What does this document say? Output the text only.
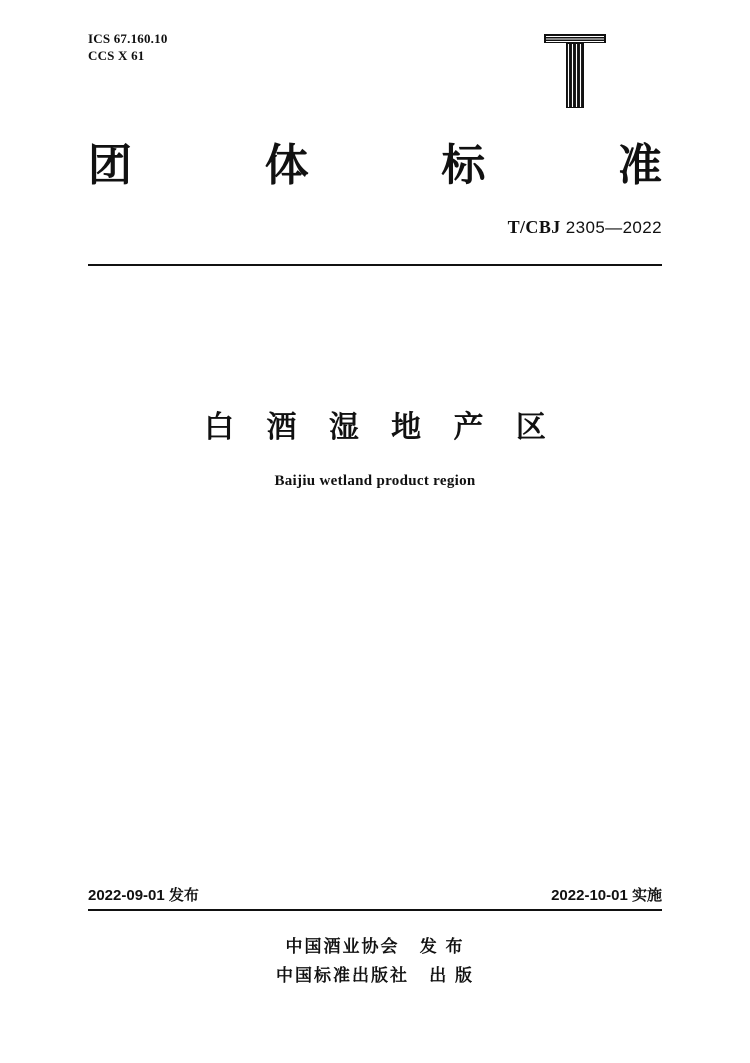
ICS 67.160.10
CCS X 61
团	体	标	准
T/CBJ 2305—2022
白 酒 湿 地 产 区
Baijiu wetland product region
2022-09-01 发布	2022-10-01 实施
中国酒业协会   发 布
中国标准出版社   出 版
